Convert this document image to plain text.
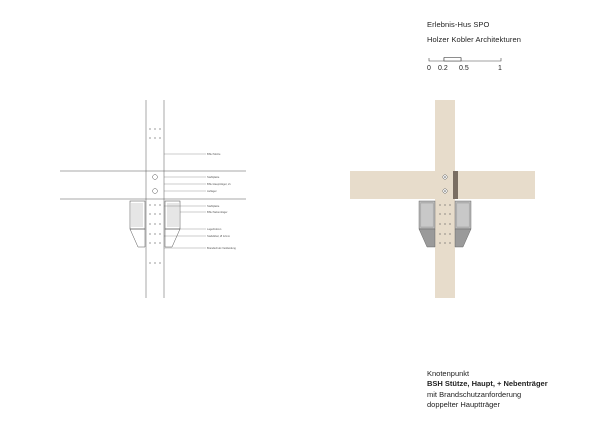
Erlebnis-Hus SPO
Holzer Kobler Architekturen
0 0.2 0.5	1
Knotenpunkt
BSH Stütze, Haupt, + Nebenträger
mit Brandschutzanforderung
doppelter Hauptträger
BSH Stütze
Stahlplatte
BSH Hauptträger, 2x
Auflager
Stahlplatte
BSH Nebenträger
Lagerbolzen
Stabdübel, Ø 12mm
Brandschutz-Verkleidung
